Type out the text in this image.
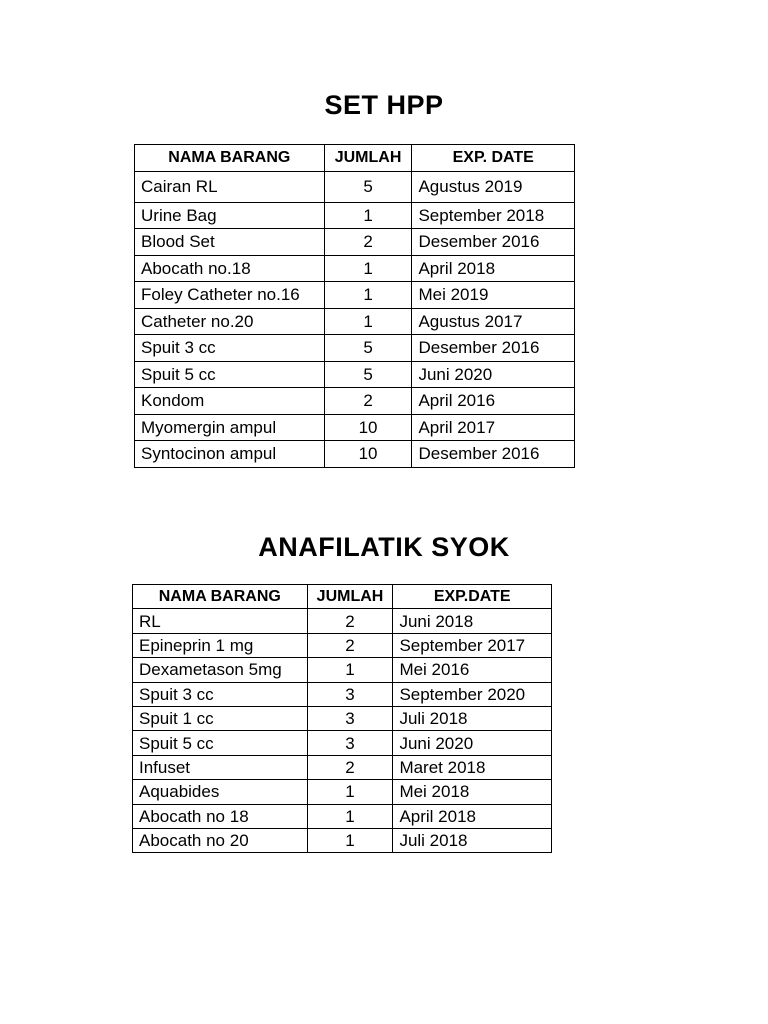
SET HPP
NAMA BARANG	JUMLAH	EXP. DATE
Cairan RL	5	Agustus 2019
Urine Bag	1	September 2018
Blood Set	2	Desember 2016
Abocath no.18	1	April 2018
Foley Catheter no.16	1	Mei 2019
Catheter no.20	1	Agustus 2017
Spuit 3 cc	5	Desember 2016
Spuit 5 cc	5	Juni 2020
Kondom	2	April 2016
Myomergin ampul	10	April 2017
Syntocinon ampul	10	Desember 2016
ANAFILATIK SYOK
NAMA BARANG	JUMLAH	EXP.DATE
RL	2	Juni 2018
Epineprin 1 mg	2	September 2017
Dexametason 5mg	1	Mei 2016
Spuit 3 cc	3	September 2020
Spuit 1 cc	3	Juli 2018
Spuit 5 cc	3	Juni 2020
Infuset	2	Maret 2018
Aquabides	1	Mei 2018
Abocath no 18	1	April 2018
Abocath no 20	1	Juli 2018
